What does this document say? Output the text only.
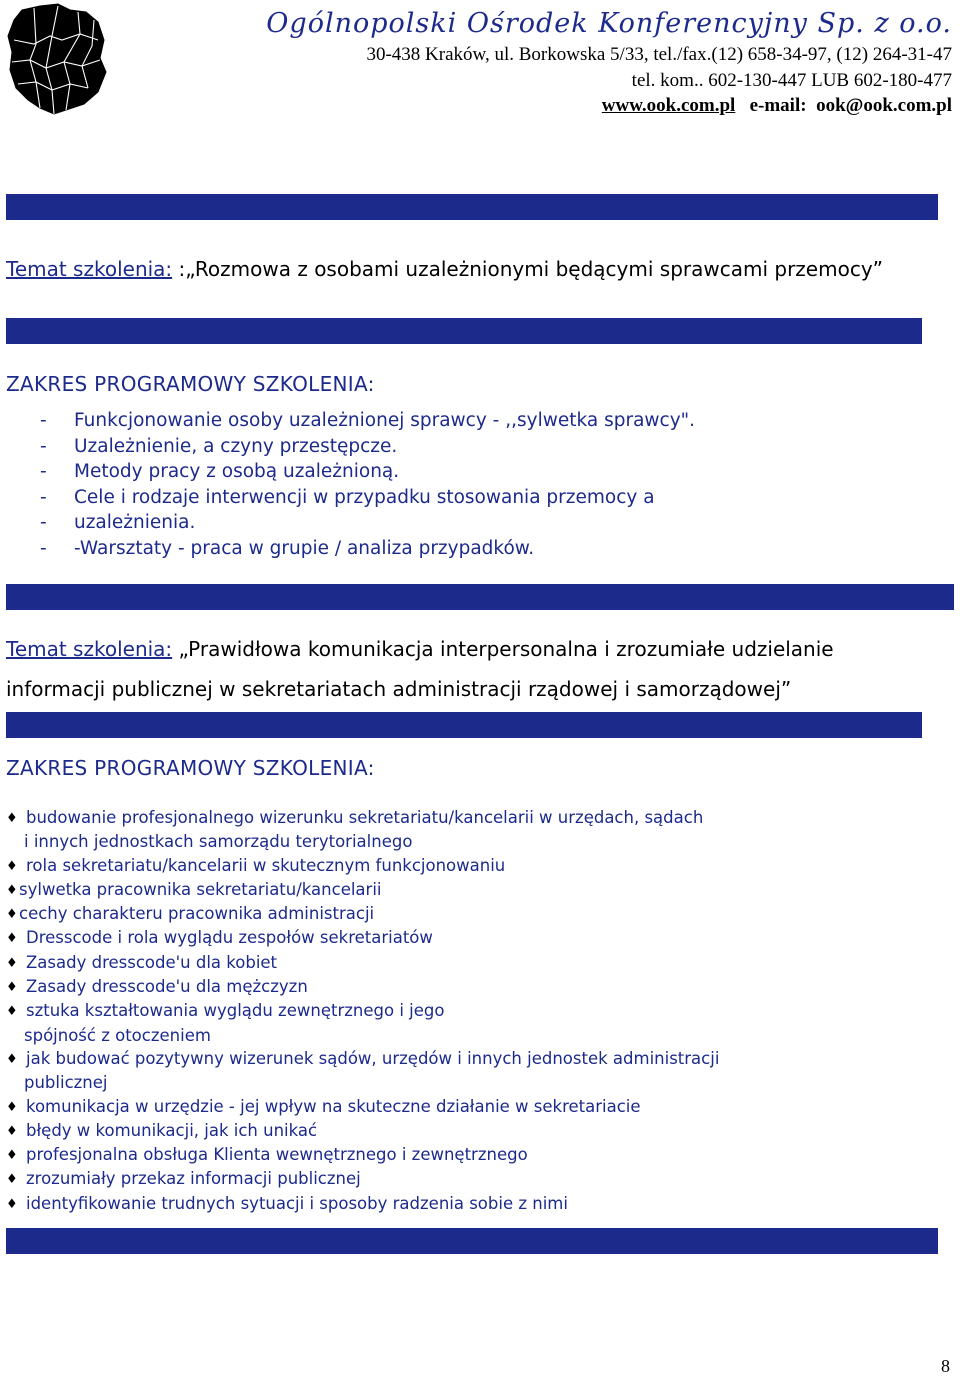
Ogólnopolski Ośrodek Konferencyjny Sp. z o.o.
30-438 Kraków, ul. Borkowska 5/33, tel./fax.(12) 658-34-97, (12) 264-31-47
tel. kom.. 602-130-447 LUB 602-180-477
www.ook.com.pl e-mail: ook@ook.com.pl
Temat szkolenia: :„Rozmowa z osobami uzależnionymi będącymi sprawcami przemocy”
ZAKRES PROGRAMOWY SZKOLENIA:
- Funkcjonowanie osoby uzależnionej sprawcy - ,,sylwetka sprawcy".
- Uzależnienie, a czyny przestępcze.
- Metody pracy z osobą uzależnioną.
- Cele i rodzaje interwencji w przypadku stosowania przemocy a
- uzależnienia.
- -Warsztaty - praca w grupie / analiza przypadków.
Temat szkolenia: „Prawidłowa komunikacja interpersonalna i zrozumiałe udzielanie
informacji publicznej w sekretariatach administracji rządowej i samorządowej”
ZAKRES PROGRAMOWY SZKOLENIA:
♦ budowanie profesjonalnego wizerunku sekretariatu/kancelarii w urzędach, sądach
i innych jednostkach samorządu terytorialnego
♦ rola sekretariatu/kancelarii w skutecznym funkcjonowaniu
♦sylwetka pracownika sekretariatu/kancelarii
♦cechy charakteru pracownika administracji
♦ Dresscode i rola wyglądu zespołów sekretariatów
♦ Zasady dresscode'u dla kobiet
♦ Zasady dresscode'u dla mężczyzn
♦ sztuka kształtowania wyglądu zewnętrznego i jego
spójność z otoczeniem
♦ jak budować pozytywny wizerunek sądów, urzędów i innych jednostek administracji
publicznej
♦ komunikacja w urzędzie - jej wpływ na skuteczne działanie w sekretariacie
♦ błędy w komunikacji, jak ich unikać
♦ profesjonalna obsługa Klienta wewnętrznego i zewnętrznego
♦ zrozumiały przekaz informacji publicznej
♦ identyfikowanie trudnych sytuacji i sposoby radzenia sobie z nimi
8
